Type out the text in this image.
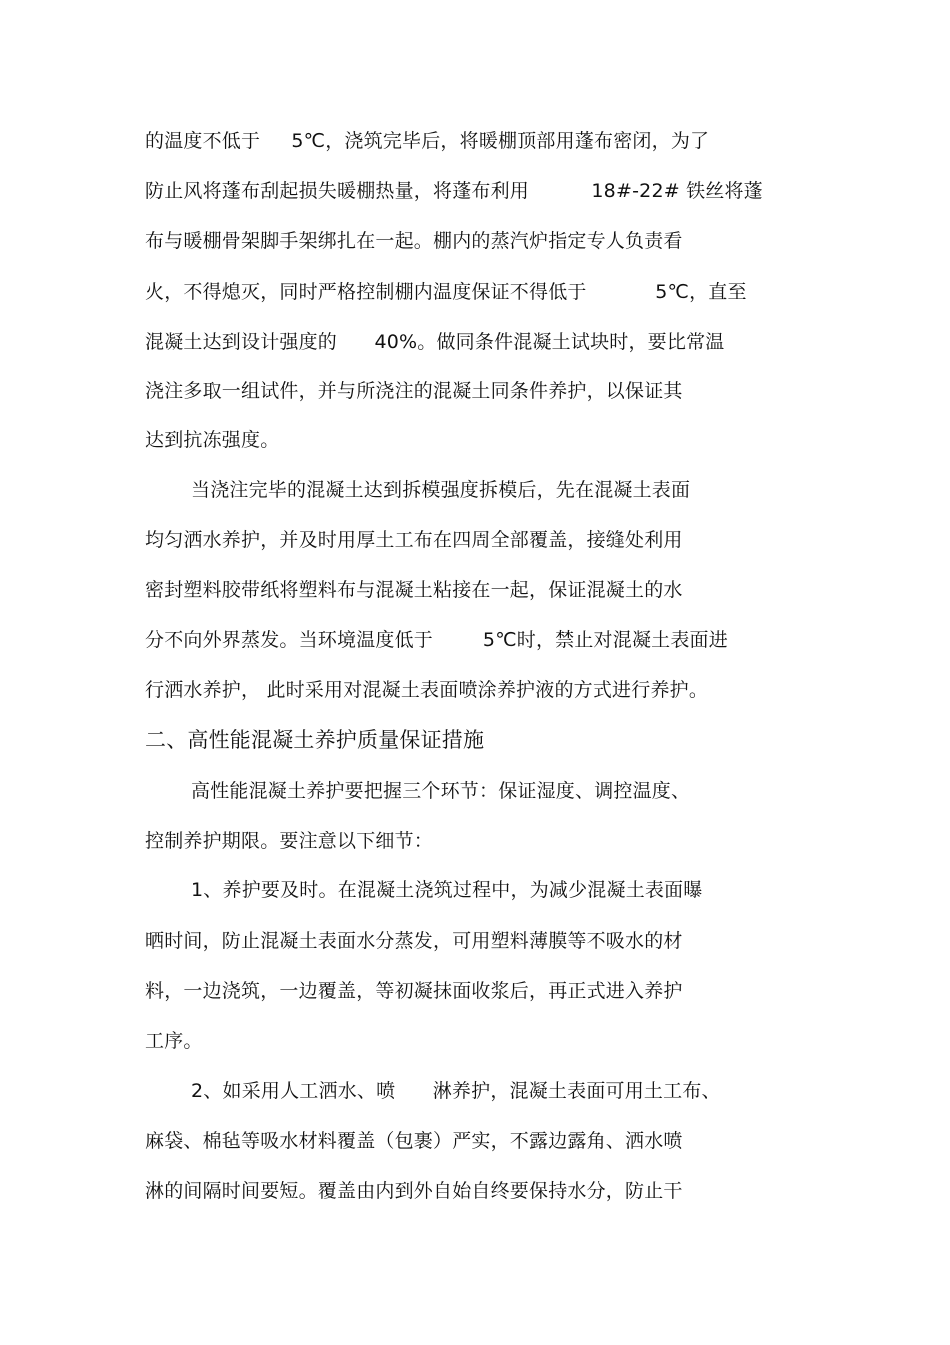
的温度不低于     5℃，浇筑完毕后，将暖棚顶部用蓬布密闭，为了
防止风将蓬布刮起损失暖棚热量，将蓬布利用          18#-22# 铁丝将蓬
布与暖棚骨架脚手架绑扎在一起。棚内的蒸汽炉指定专人负责看
火，不得熄灭，同时严格控制棚内温度保证不得低于           5℃，直至
混凝土达到设计强度的      40%。做同条件混凝土试块时，要比常温
浇注多取一组试件，并与所浇注的混凝土同条件养护，以保证其
达到抗冻强度。
当浇注完毕的混凝土达到拆模强度拆模后，先在混凝土表面
均匀洒水养护，并及时用厚土工布在四周全部覆盖，接缝处利用
密封塑料胶带纸将塑料布与混凝土粘接在一起，保证混凝土的水
分不向外界蒸发。当环境温度低于        5℃时，禁止对混凝土表面进
行洒水养护， 此时采用对混凝土表面喷涂养护液的方式进行养护。
二、高性能混凝土养护质量保证措施
高性能混凝土养护要把握三个环节：保证湿度、调控温度、
控制养护期限。要注意以下细节：
1、养护要及时。在混凝土浇筑过程中，为减少混凝土表面曝
晒时间，防止混凝土表面水分蒸发，可用塑料薄膜等不吸水的材
料，一边浇筑，一边覆盖，等初凝抹面收浆后，再正式进入养护
工序。
2、如采用人工洒水、喷      淋养护，混凝土表面可用土工布、
麻袋、棉毡等吸水材料覆盖（包裹）严实，不露边露角、洒水喷
淋的间隔时间要短。覆盖由内到外自始自终要保持水分，防止干
